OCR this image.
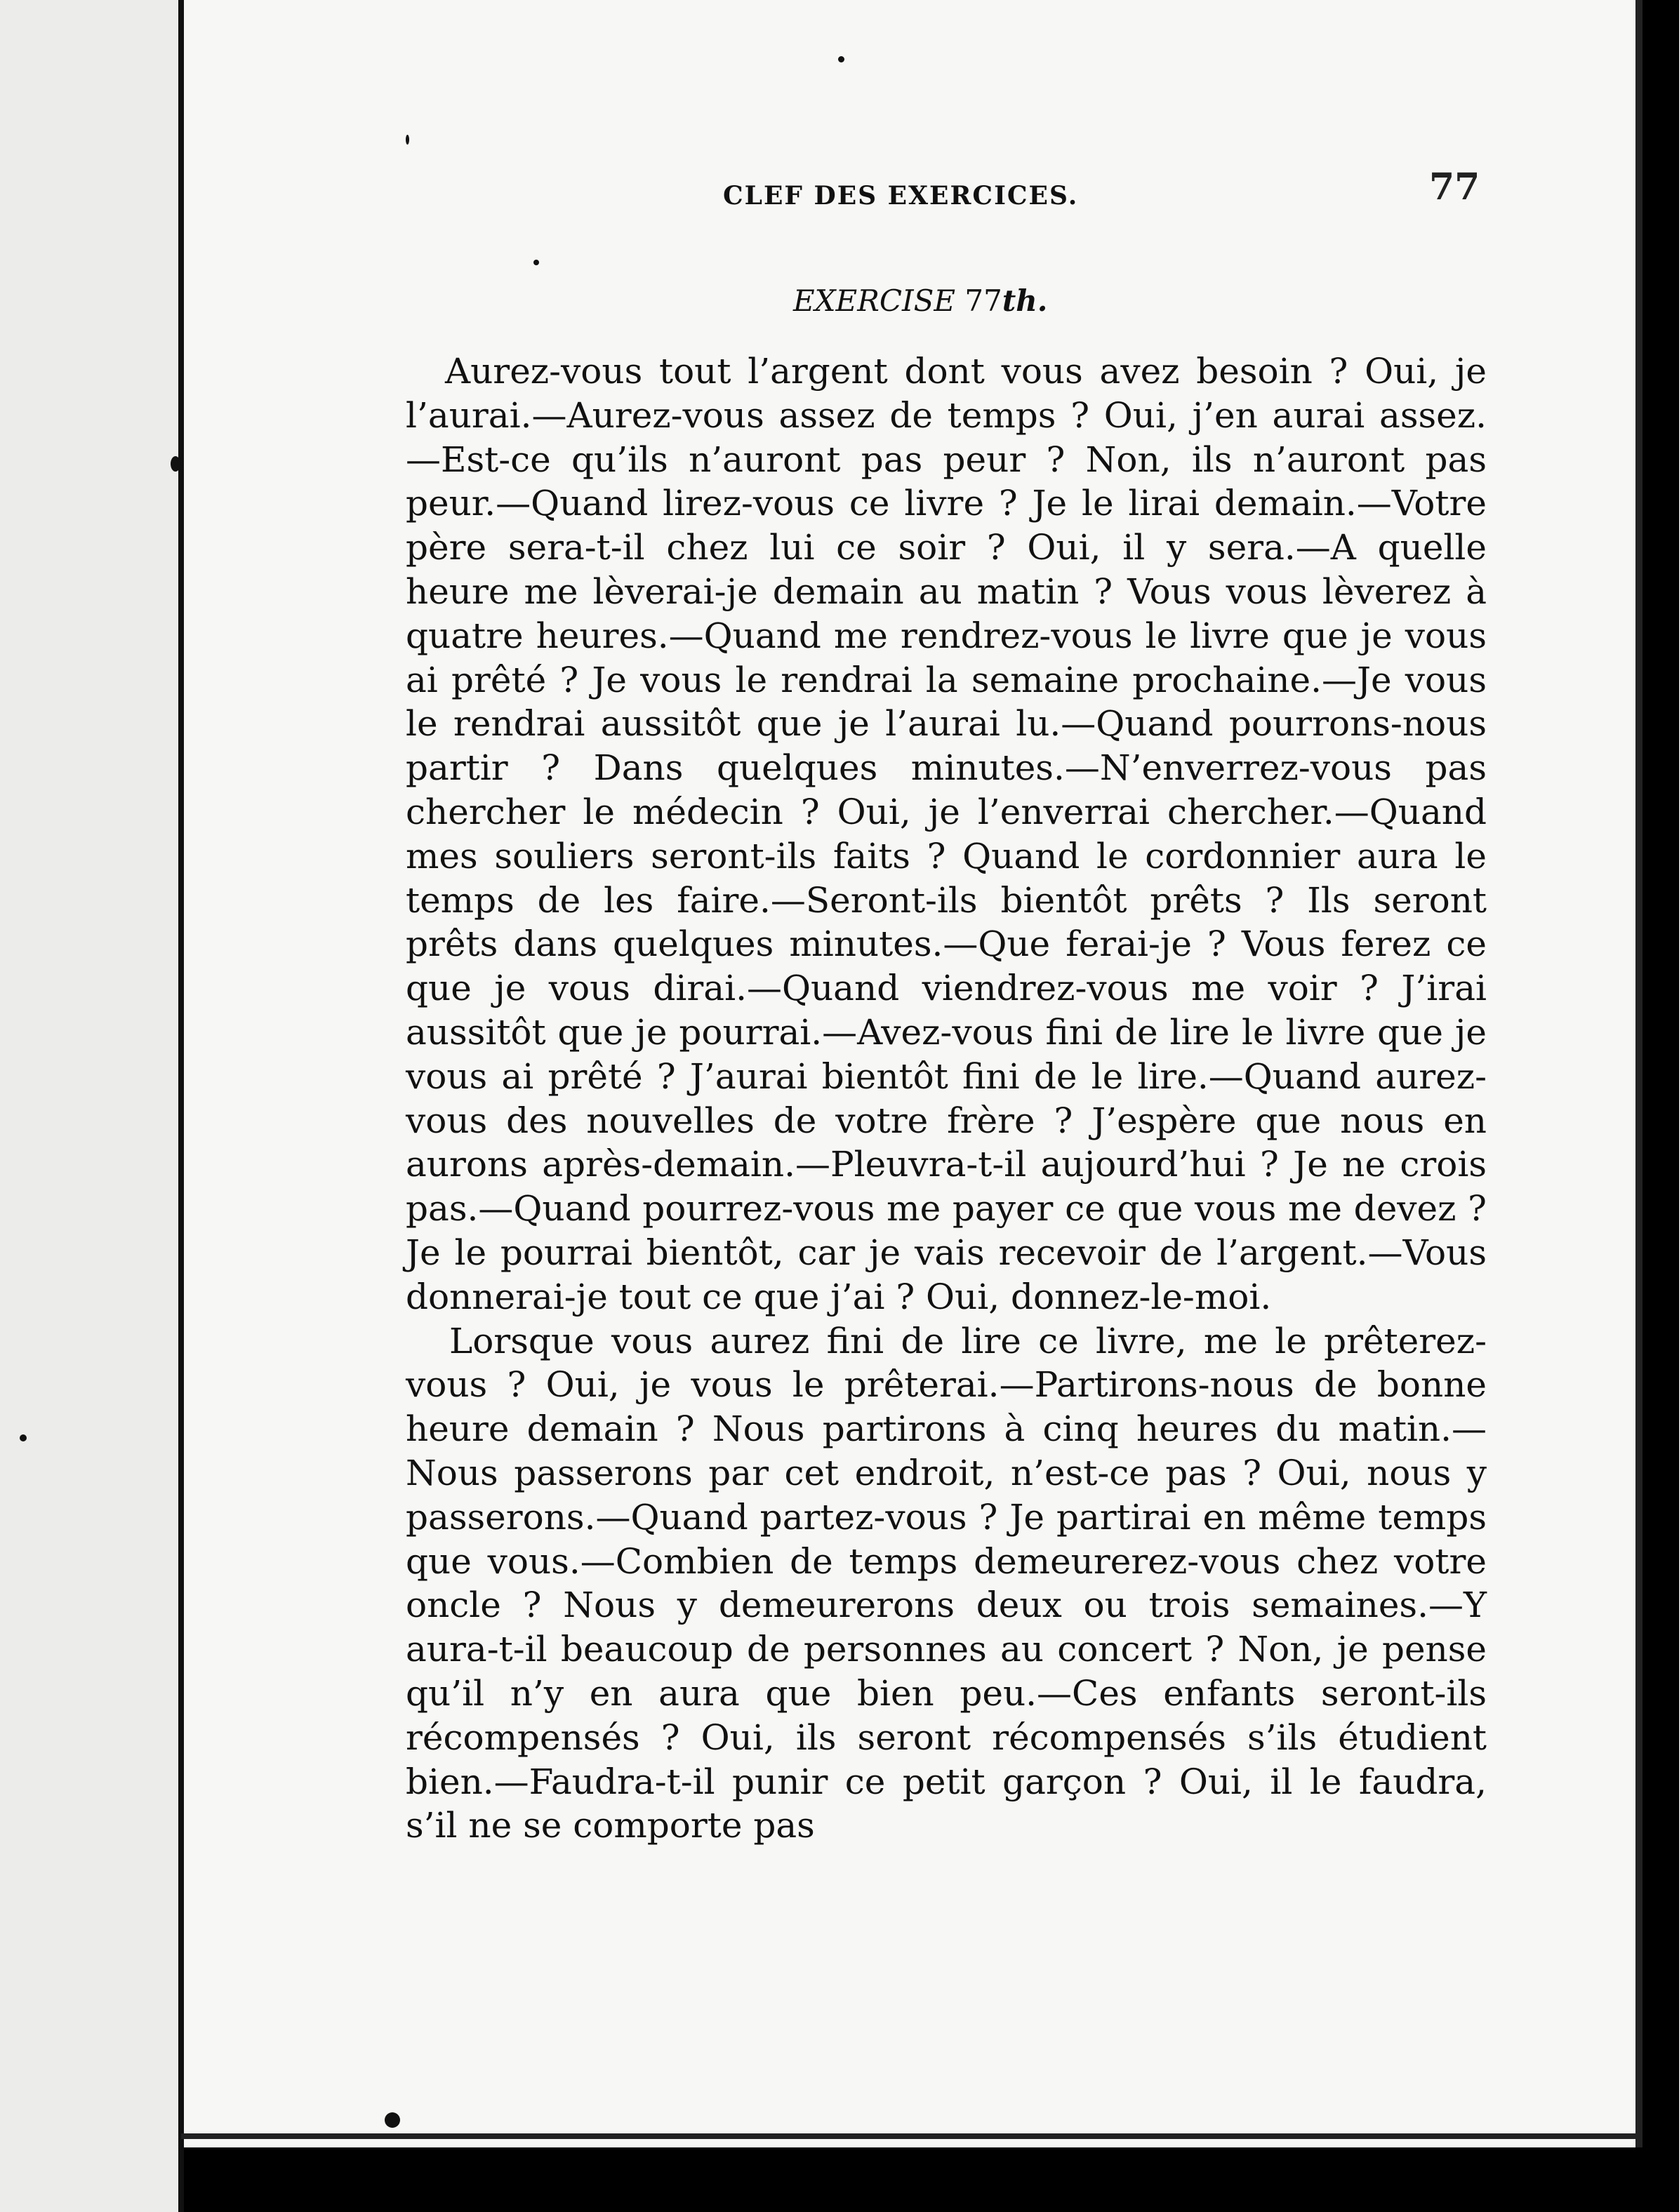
CLEF DES EXERCICES.	77
EXERCISE 77th.

Aurez-vous tout l’argent dont vous avez besoin ? Oui, je l’aurai.—Aurez-vous assez de temps ? Oui, j’en aurai assez.—Est-ce qu’ils n’auront pas peur ? Non, ils n’auront pas peur.—Quand lirez-vous ce livre ? Je le lirai demain.—Votre père sera-t-il chez lui ce soir ? Oui, il y sera.—A quelle heure me lèverai-je demain au matin ? Vous vous lèverez à quatre heures.—Quand me rendrez-vous le livre que je vous ai prêté ? Je vous le rendrai la semaine prochaine.—Je vous le rendrai aussitôt que je l’aurai lu.—Quand pourrons-nous partir ? Dans quelques minutes.—N’enverrez-vous pas chercher le médecin ? Oui, je l’enverrai chercher.—Quand mes souliers seront-ils faits ? Quand le cordonnier aura le temps de les faire.—Seront-ils bientôt prêts ? Ils seront prêts dans quelques minutes.—Que ferai-je ? Vous ferez ce que je vous dirai.—Quand viendrez-vous me voir ? J’irai aussitôt que je pourrai.—Avez-vous fini de lire le livre que je vous ai prêté ? J’aurai bientôt fini de le lire.—Quand aurez-vous des nouvelles de votre frère ? J’espère que nous en aurons après-demain.—Pleuvra-t-il aujourd’hui ? Je ne crois pas.—Quand pourrez-vous me payer ce que vous me devez ? Je le pourrai bientôt, car je vais recevoir de l’argent.—Vous donnerai-je tout ce que j’ai ? Oui, donnez-le-moi.

Lorsque vous aurez fini de lire ce livre, me le prêterez-vous ? Oui, je vous le prêterai.—Partirons-nous de bonne heure demain ? Nous partirons à cinq heures du matin.—Nous passerons par cet endroit, n’est-ce pas ? Oui, nous y passerons.—Quand partez-vous ? Je partirai en même temps que vous.—Combien de temps demeurerez-vous chez votre oncle ? Nous y demeurerons deux ou trois semaines.—Y aura-t-il beaucoup de personnes au concert ? Non, je pense qu’il n’y en aura que bien peu.—Ces enfants seront-ils récompensés ? Oui, ils seront récompensés s’ils étudient bien.—Faudra-t-il punir ce petit garçon ? Oui, il le faudra, s’il ne se comporte pas
